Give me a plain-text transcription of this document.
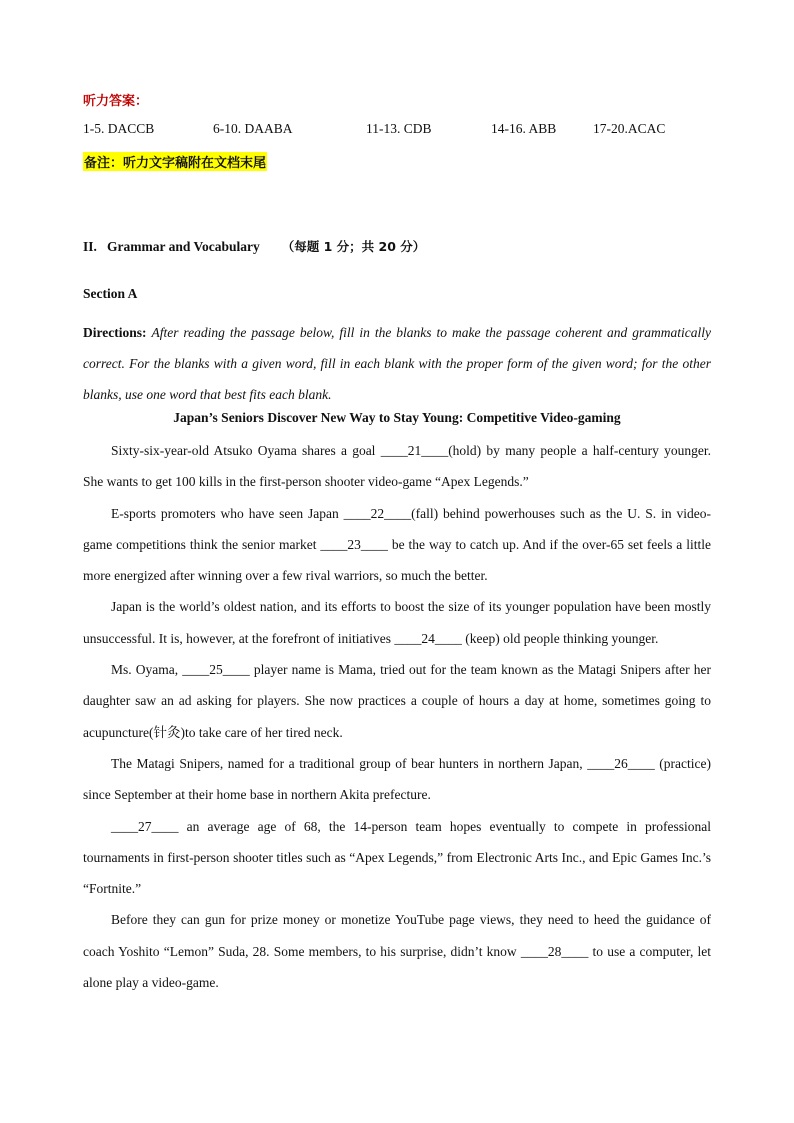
听力答案：
1-5. DACCB	6-10. DAABA	11-13. CDB	14-16. ABB	17-20.ACAC
备注：听力文字稿附在文档末尾
II.   Grammar and Vocabulary （每题 1 分；共 20 分）
Section A
Directions: After reading the passage below, fill in the blanks to make the passage coherent and grammatically correct. For the blanks with a given word, fill in each blank with the proper form of the given word; for the other blanks, use one word that best fits each blank.
Japan’s Seniors Discover New Way to Stay Young: Competitive Video-gaming

Sixty-six-year-old Atsuko Oyama shares a goal ____21____(hold) by many people a half-century younger. She wants to get 100 kills in the first-person shooter video-game “Apex Legends.”

E-sports promoters who have seen Japan ____22____(fall) behind powerhouses such as the U. S. in video-game competitions think the senior market ____23____ be the way to catch up. And if the over-65 set feels a little more energized after winning over a few rival warriors, so much the better.

Japan is the world’s oldest nation, and its efforts to boost the size of its younger population have been mostly unsuccessful. It is, however, at the forefront of initiatives ____24____ (keep) old people thinking younger.

Ms. Oyama, ____25____ player name is Mama, tried out for the team known as the Matagi Snipers after her daughter saw an ad asking for players. She now practices a couple of hours a day at home, sometimes going to acupuncture(针灸)to take care of her tired neck.

The Matagi Snipers, named for a traditional group of bear hunters in northern Japan, ____26____ (practice) since September at their home base in northern Akita prefecture.

____27____ an average age of 68, the 14-person team hopes eventually to compete in professional tournaments in first-person shooter titles such as “Apex Legends,” from Electronic Arts Inc., and Epic Games Inc.’s “Fortnite.”

Before they can gun for prize money or monetize YouTube page views, they need to heed the guidance of coach Yoshito “Lemon” Suda, 28. Some members, to his surprise, didn’t know ____28____ to use a computer, let alone play a video-game.
